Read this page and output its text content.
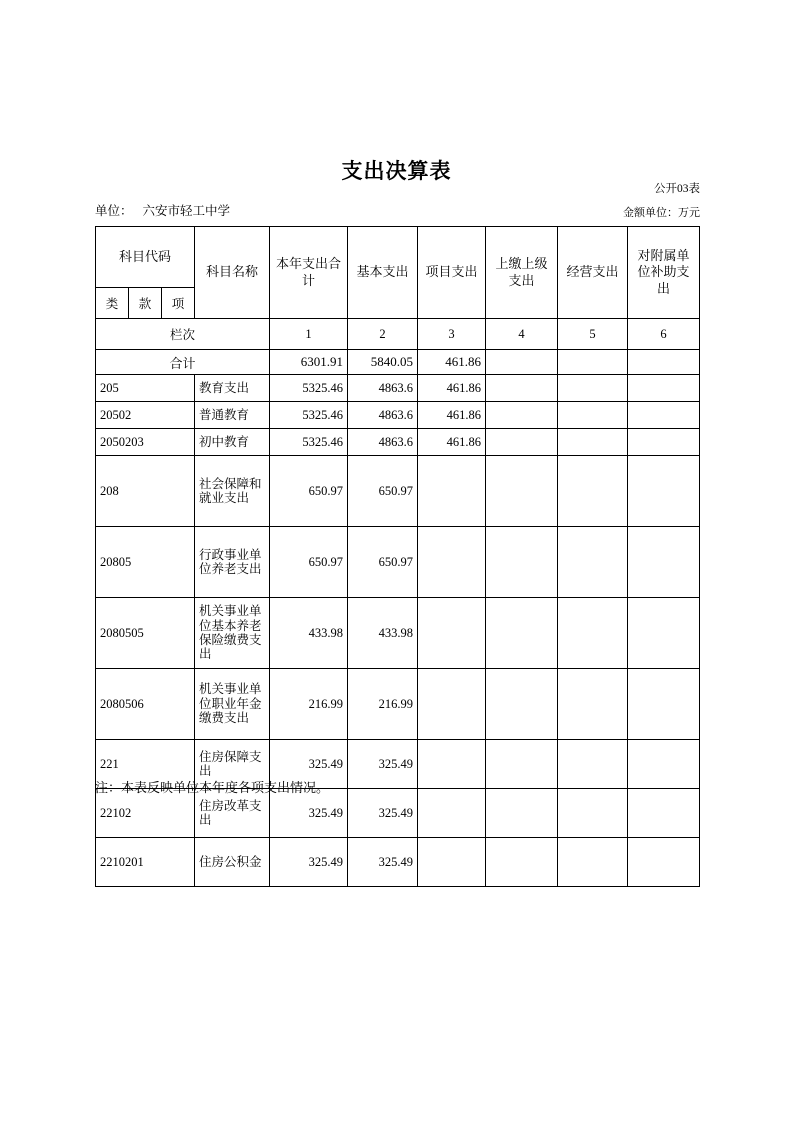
支出决算表
公开03表
单位： 六安市轻工中学	金额单位：万元
科目代码			科目名称	本年支出合计	基本支出	项目支出	上缴上级支出	经营支出	对附属单位补助支出
类	款	项							
栏次				1	2	3	4	5	6
合计				6301.91	5840.05	461.86			
205			教育支出	5325.46	4863.6	461.86			
20502			普通教育	5325.46	4863.6	461.86			
2050203			初中教育	5325.46	4863.6	461.86			
208			社会保障和就业支出	650.97	650.97				
20805			行政事业单位养老支出	650.97	650.97				
2080505			机关事业单位基本养老保险缴费支出	433.98	433.98				
2080506			机关事业单位职业年金缴费支出	216.99	216.99				
221			住房保障支出	325.49	325.49				
22102			住房改革支出	325.49	325.49				
2210201			住房公积金	325.49	325.49				
注：本表反映单位本年度各项支出情况。
